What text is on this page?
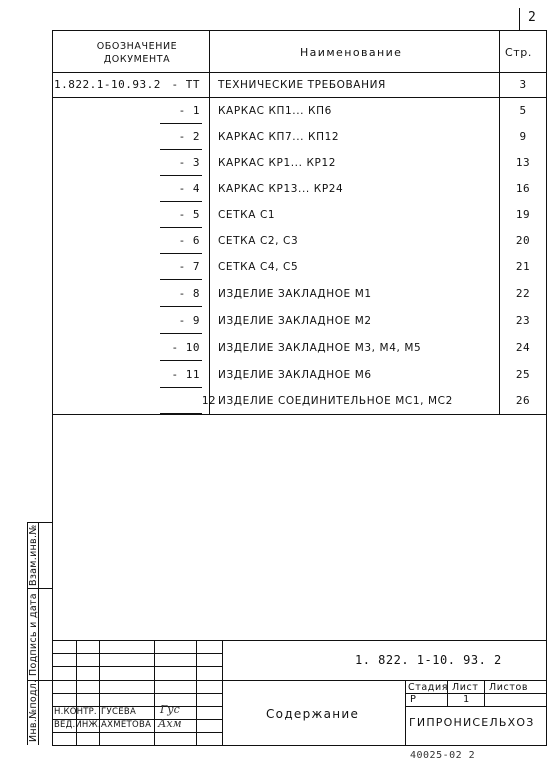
2
ОБОЗНАЧЕНИЕ ДОКУМЕНТА
Наименование	Стр.
1.822.1-10.93.2 - ТТ ТЕХНИЧЕСКИЕ ТРЕБОВАНИЯ	3
- 1 КАРКАС КП1... КП6	5
- 2 КАРКАС КП7... КП12	9
- 3 КАРКАС КР1... КР12	13
- 4 КАРКАС КР13... КР24	16
- 5 СЕТКА С1	19
- 6 СЕТКА С2, С3	20
- 7 СЕТКА С4, С5	21
- 8 ИЗДЕЛИЕ ЗАКЛАДНОЕ М1	22
- 9 ИЗДЕЛИЕ ЗАКЛАДНОЕ М2	23
- 10 ИЗДЕЛИЕ ЗАКЛАДНОЕ М3, М4, М5	24
- 11 ИЗДЕЛИЕ ЗАКЛАДНОЕ М6	25
12 ИЗДЕЛИЕ СОЕДИНИТЕЛЬНОЕ МС1, МС2	26
Взам.инв.№
Подпись и дата
Инв.№подл.
1. 822. 1-10. 93. 2
Стадия Лист Листов
Р	1
ГИПРОНИСЕЛЬХОЗ
Содержание
Н.КОНТР. ГУСЕВА Гус
ВЕД.ИНЖ. АХМЕТОВА Ахм
40025-02 2
